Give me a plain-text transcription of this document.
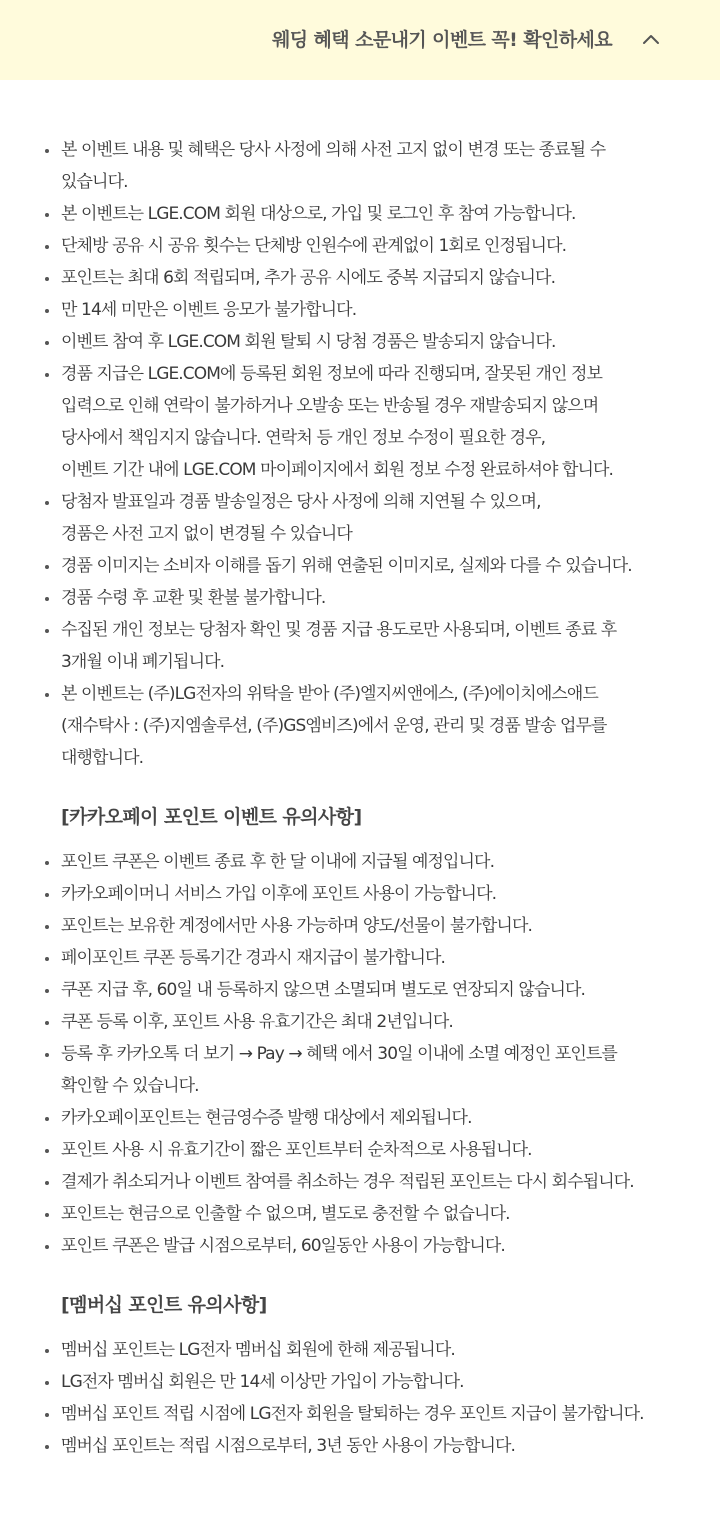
웨딩 혜택 소문내기 이벤트 꼭! 확인하세요
본 이벤트 내용 및 혜택은 당사 사정에 의해 사전 고지 없이 변경 또는 종료될 수
있습니다.
본 이벤트는 LGE.COM 회원 대상으로, 가입 및 로그인 후 참여 가능합니다.
단체방 공유 시 공유 횟수는 단체방 인원수에 관계없이 1회로 인정됩니다.
포인트는 최대 6회 적립되며, 추가 공유 시에도 중복 지급되지 않습니다.
만 14세 미만은 이벤트 응모가 불가합니다.
이벤트 참여 후 LGE.COM 회원 탈퇴 시 당첨 경품은 발송되지 않습니다.
경품 지급은 LGE.COM에 등록된 회원 정보에 따라 진행되며, 잘못된 개인 정보
입력으로 인해 연락이 불가하거나 오발송 또는 반송될 경우 재발송되지 않으며
당사에서 책임지지 않습니다. 연락처 등 개인 정보 수정이 필요한 경우,
이벤트 기간 내에 LGE.COM 마이페이지에서 회원 정보 수정 완료하셔야 합니다.
당첨자 발표일과 경품 발송일정은 당사 사정에 의해 지연될 수 있으며,
경품은 사전 고지 없이 변경될 수 있습니다
경품 이미지는 소비자 이해를 돕기 위해 연출된 이미지로, 실제와 다를 수 있습니다.
경품 수령 후 교환 및 환불 불가합니다.
수집된 개인 정보는 당첨자 확인 및 경품 지급 용도로만 사용되며, 이벤트 종료 후
3개월 이내 폐기됩니다.
본 이벤트는 (주)LG전자의 위탁을 받아 (주)엘지씨앤에스, (주)에이치에스애드
(재수탁사 : (주)지엠솔루션, (주)GS엠비즈)에서 운영, 관리 및 경품 발송 업무를
대행합니다.
[카카오페이 포인트 이벤트 유의사항]
포인트 쿠폰은 이벤트 종료 후 한 달 이내에 지급될 예정입니다.
카카오페이머니 서비스 가입 이후에 포인트 사용이 가능합니다.
포인트는 보유한 계정에서만 사용 가능하며 양도/선물이 불가합니다.
페이포인트 쿠폰 등록기간 경과시 재지급이 불가합니다.
쿠폰 지급 후, 60일 내 등록하지 않으면 소멸되며 별도로 연장되지 않습니다.
쿠폰 등록 이후, 포인트 사용 유효기간은 최대 2년입니다.
등록 후 카카오톡 더 보기 → Pay → 혜택 에서 30일 이내에 소멸 예정인 포인트를
확인할 수 있습니다.
카카오페이포인트는 현금영수증 발행 대상에서 제외됩니다.
포인트 사용 시 유효기간이 짧은 포인트부터 순차적으로 사용됩니다.
결제가 취소되거나 이벤트 참여를 취소하는 경우 적립된 포인트는 다시 회수됩니다.
포인트는 현금으로 인출할 수 없으며, 별도로 충전할 수 없습니다.
포인트 쿠폰은 발급 시점으로부터, 60일동안 사용이 가능합니다.
[멤버십 포인트 유의사항]
멤버십 포인트는 LG전자 멤버십 회원에 한해 제공됩니다.
LG전자 멤버십 회원은 만 14세 이상만 가입이 가능합니다.
멤버십 포인트 적립 시점에 LG전자 회원을 탈퇴하는 경우 포인트 지급이 불가합니다.
멤버십 포인트는 적립 시점으로부터, 3년 동안 사용이 가능합니다.
